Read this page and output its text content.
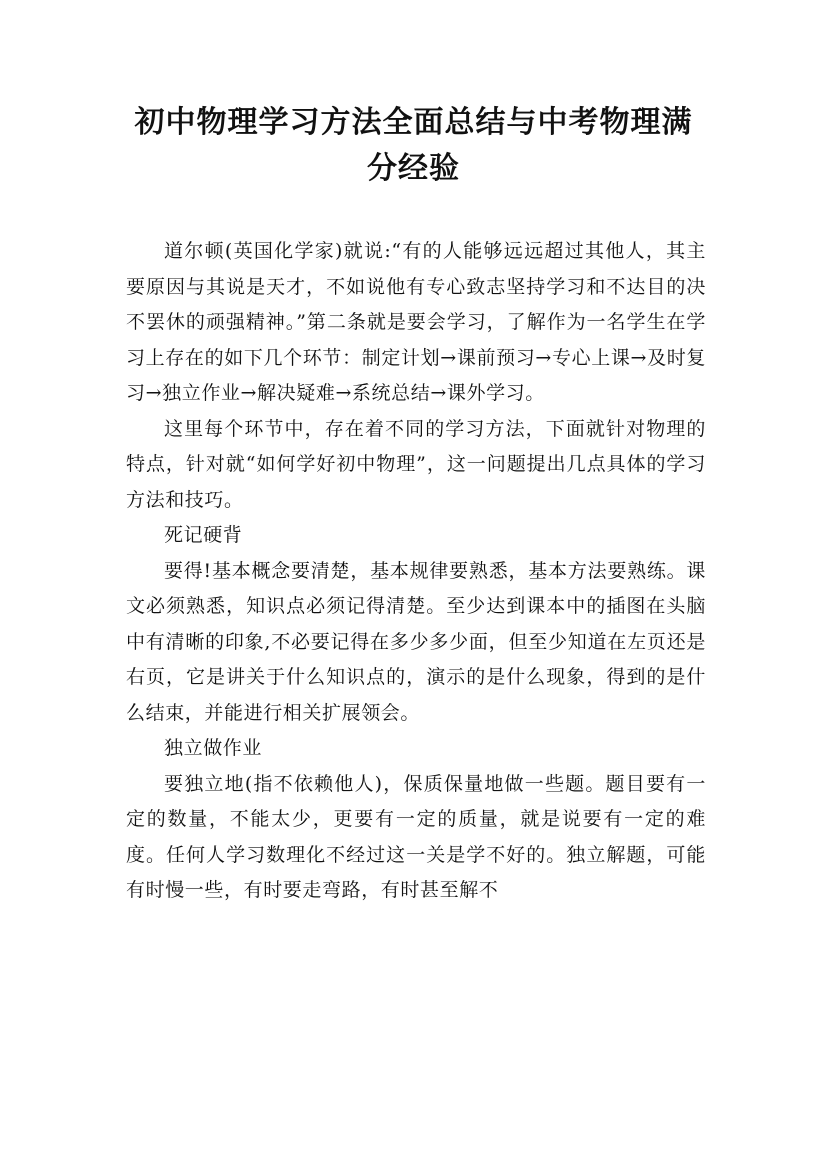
初中物理学习方法全面总结与中考物理满
分经验

道尔顿(英国化学家)就说:“有的人能够远远超过其他人，其主要原因与其说是天才，不如说他有专心致志坚持学习和不达目的决不罢休的顽强精神。”第二条就是要会学习，了解作为一名学生在学习上存在的如下几个环节：制定计划→课前预习→专心上课→及时复习→独立作业→解决疑难→系统总结→课外学习。

这里每个环节中，存在着不同的学习方法，下面就针对物理的特点，针对就“如何学好初中物理”，这一问题提出几点具体的学习方法和技巧。

死记硬背

要得!基本概念要清楚，基本规律要熟悉，基本方法要熟练。课文必须熟悉，知识点必须记得清楚。至少达到课本中的插图在头脑中有清晰的印象,不必要记得在多少多少面，但至少知道在左页还是右页，它是讲关于什么知识点的，演示的是什么现象，得到的是什么结束，并能进行相关扩展领会。

独立做作业

要独立地(指不依赖他人)，保质保量地做一些题。题目要有一定的数量，不能太少，更要有一定的质量，就是说要有一定的难度。任何人学习数理化不经过这一关是学不好的。独立解题，可能有时慢一些，有时要走弯路，有时甚至解不
